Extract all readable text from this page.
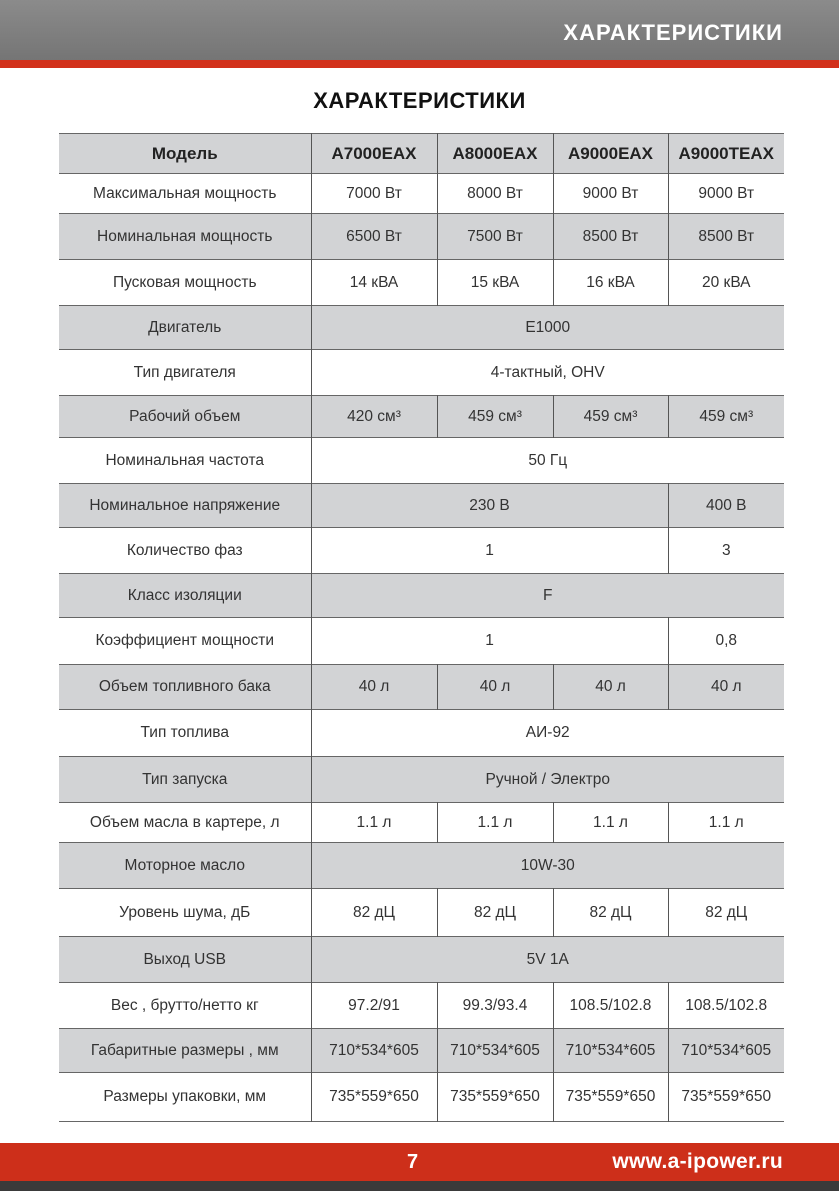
ХАРАКТЕРИСТИКИ
ХАРАКТЕРИСТИКИ
Модель	A7000EAX	A8000EAX	A9000EAX	A9000TEAX
Максимальная мощность	7000 Вт	8000 Вт	9000 Вт	9000 Вт
Номинальная мощность	6500 Вт	7500 Вт	8500 Вт	8500 Вт
Пусковая мощность	14 кВА	15 кВА	16 кВА	20 кВА
Двигатель	E1000			
Тип двигателя	4-тактный, OHV			
Рабочий объем	420 см³	459 см³	459 см³	459 см³
Номинальная частота	50 Гц			
Номинальное напряжение	230 В			400 В
Количество фаз	1			3
Класс изоляции	F			
Коэффициент мощности	1			0,8
Объем топливного бака	40 л	40 л	40 л	40 л
Тип топлива	АИ-92			
Тип запуска	Ручной / Электро			
Объем масла в картере, л	1.1 л	1.1 л	1.1 л	1.1 л
Моторное масло	10W-30			
Уровень шума, дБ	82 дЦ	82 дЦ	82 дЦ	82 дЦ
Выход USB	5V 1A			
Вес , брутто/нетто кг	97.2/91	99.3/93.4	108.5/102.8	108.5/102.8
Габаритные размеры , мм	710*534*605	710*534*605	710*534*605	710*534*605
Размеры упаковки, мм	735*559*650	735*559*650	735*559*650	735*559*650
7	www.a-ipower.ru
